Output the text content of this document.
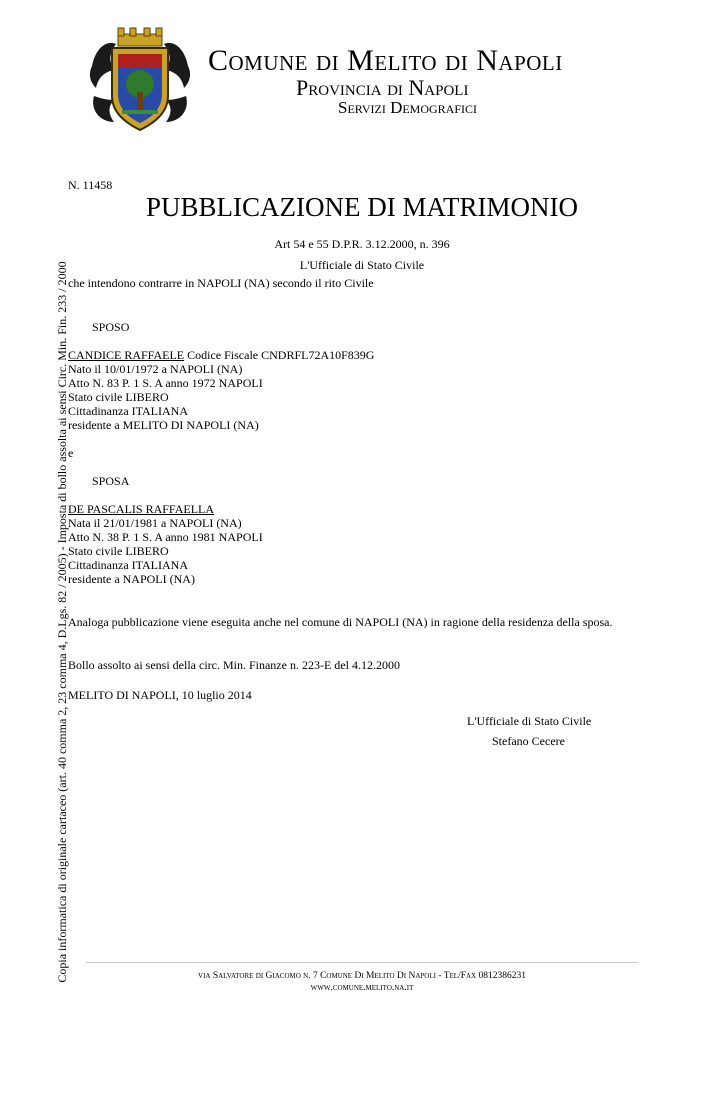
Comune di Melito di Napoli
Provincia di Napoli
Servizi Demografici
Copia informatica di originale cartaceo (art. 40 comma 2, 23 comma 4, D.Lgs. 82 / 2005) - Imposta di bollo assolta ai sensi Circ. Min. Fin. 233 / 2000
N. 11458
PUBBLICAZIONE DI MATRIMONIO
Art 54 e 55 D.P.R. 3.12.2000, n. 396
L'Ufficiale di Stato Civile
che intendono contrarre in NAPOLI (NA) secondo il rito Civile
SPOSO
CANDICE RAFFAELE Codice Fiscale CNDRFL72A10F839G
Nato il 10/01/1972 a NAPOLI (NA)
Atto N. 83 P. 1 S. A anno 1972 NAPOLI
Stato civile LIBERO
Cittadinanza ITALIANA
residente a MELITO DI NAPOLI (NA)
e
SPOSA
DE PASCALIS RAFFAELLA
Nata il 21/01/1981 a NAPOLI (NA)
Atto N. 38 P. 1 S. A anno 1981 NAPOLI
Stato civile LIBERO
Cittadinanza ITALIANA
residente a NAPOLI (NA)
Analoga pubblicazione viene eseguita anche nel comune di NAPOLI (NA) in ragione della residenza della sposa.
Bollo assolto ai sensi della circ. Min. Finanze n. 223-E del 4.12.2000
MELITO DI NAPOLI, 10 luglio 2014
L'Ufficiale di Stato Civile
Stefano Cecere
via Salvatore di Giacomo n. 7 Comune Di Melito Di Napoli - Tel/Fax 0812386231
www.comune.melito.na.it
